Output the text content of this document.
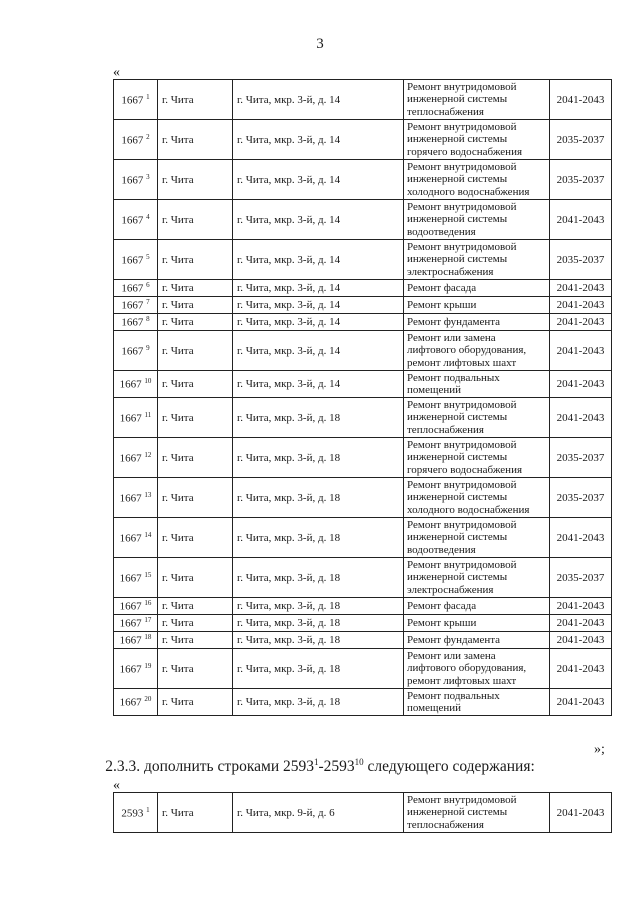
3
«
1667 $^1$	г. Чита	г. Чита, мкр. 3-й, д. 14	Ремонт внутридомовой
инженерной системы
теплоснабжения	2041-2043
1667 $^2$	г. Чита	г. Чита, мкр. 3-й, д. 14	Ремонт внутридомовой
инженерной системы
горячего водоснабжения	2035-2037
1667 $^3$	г. Чита	г. Чита, мкр. 3-й, д. 14	Ремонт внутридомовой
инженерной системы
холодного водоснабжения	2035-2037
1667 $^4$	г. Чита	г. Чита, мкр. 3-й, д. 14	Ремонт внутридомовой
инженерной системы
водоотведения	2041-2043
1667 $^5$	г. Чита	г. Чита, мкр. 3-й, д. 14	Ремонт внутридомовой
инженерной системы
электроснабжения	2035-2037
1667 $^6$	г. Чита	г. Чита, мкр. 3-й, д. 14	Ремонт фасада	2041-2043
1667 $^7$	г. Чита	г. Чита, мкр. 3-й, д. 14	Ремонт крыши	2041-2043
1667 $^8$	г. Чита	г. Чита, мкр. 3-й, д. 14	Ремонт фундамента	2041-2043
1667 $^9$	г. Чита	г. Чита, мкр. 3-й, д. 14	Ремонт или замена
лифтового оборудования,
ремонт лифтовых шахт	2041-2043
1667 $^{10}$	г. Чита	г. Чита, мкр. 3-й, д. 14	Ремонт подвальных
помещений	2041-2043
1667 $^{11}$	г. Чита	г. Чита, мкр. 3-й, д. 18	Ремонт внутридомовой
инженерной системы
теплоснабжения	2041-2043
1667 $^{12}$	г. Чита	г. Чита, мкр. 3-й, д. 18	Ремонт внутридомовой
инженерной системы
горячего водоснабжения	2035-2037
1667 $^{13}$	г. Чита	г. Чита, мкр. 3-й, д. 18	Ремонт внутридомовой
инженерной системы
холодного водоснабжения	2035-2037
1667 $^{14}$	г. Чита	г. Чита, мкр. 3-й, д. 18	Ремонт внутридомовой
инженерной системы
водоотведения	2041-2043
1667 $^{15}$	г. Чита	г. Чита, мкр. 3-й, д. 18	Ремонт внутридомовой
инженерной системы
электроснабжения	2035-2037
1667 $^{16}$	г. Чита	г. Чита, мкр. 3-й, д. 18	Ремонт фасада	2041-2043
1667 $^{17}$	г. Чита	г. Чита, мкр. 3-й, д. 18	Ремонт крыши	2041-2043
1667 $^{18}$	г. Чита	г. Чита, мкр. 3-й, д. 18	Ремонт фундамента	2041-2043
1667 $^{19}$	г. Чита	г. Чита, мкр. 3-й, д. 18	Ремонт или замена
лифтового оборудования,
ремонт лифтовых шахт	2041-2043
1667 $^{20}$	г. Чита	г. Чита, мкр. 3-й, д. 18	Ремонт подвальных
помещений	2041-2043
»;
2.3.3. дополнить строками 2593$^1$-2593$^{10}$ следующего содержания:
«
2593 $^1$	г. Чита	г. Чита, мкр. 9-й, д. 6	
Ремонт внутридомовой
инженерной системы
теплоснабжения
	2041-2043
